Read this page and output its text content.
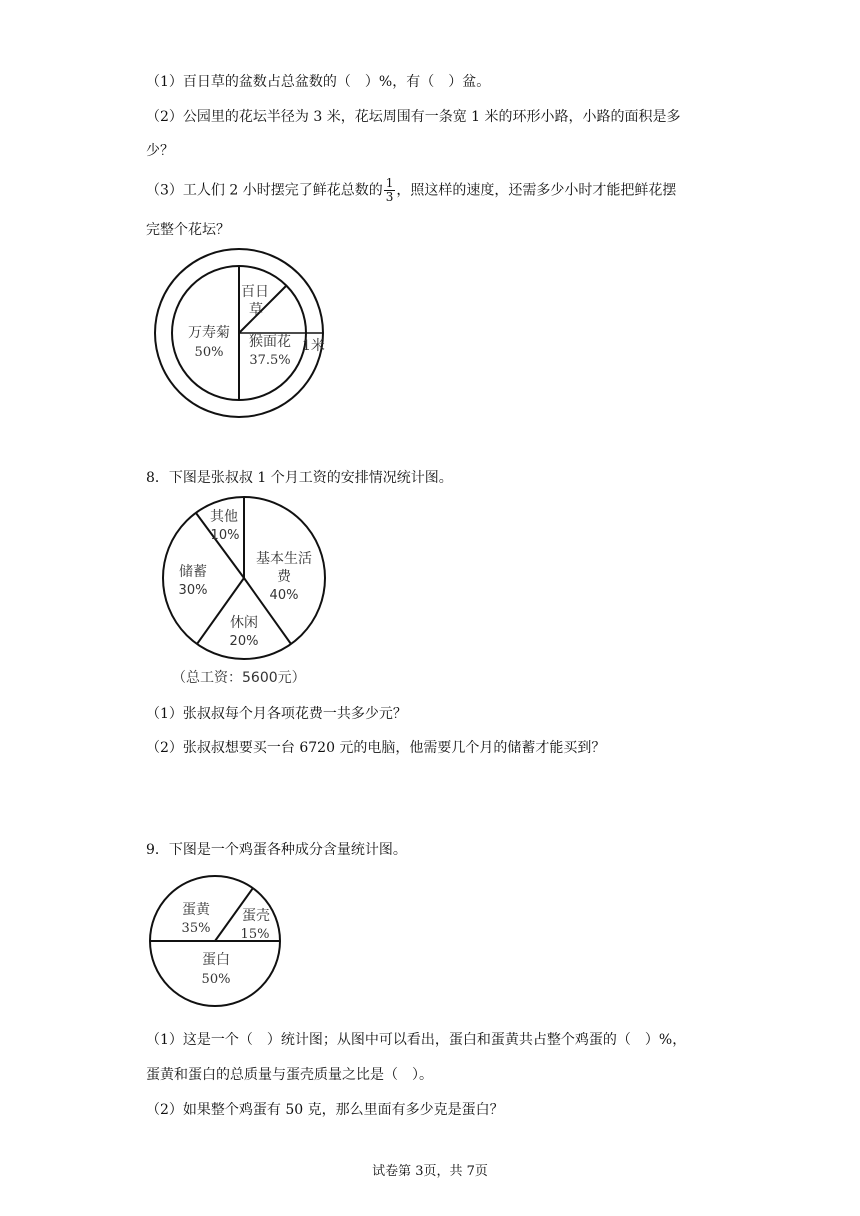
（1）百日草的盆数占总盆数的（　）%，有（　）盆。
（2）公园里的花坛半径为 3 米，花坛周围有一条宽 1 米的环形小路，小路的面积是多
少？
（3）工人们 2 小时摆完了鲜花总数的 $\frac{1}{3}$ ，照这样的速度，还需多少小时才能把鲜花摆
完整个花坛？
百日
草
万寿菊
50%
猴面花
37.5%
1米
8．下图是张叔叔 1 个月工资的安排情况统计图。
其他
10%
基本生活
费
40%
储蓄
30%
休闲
20%
（总工资：5600元）
（1）张叔叔每个月各项花费一共多少元？
（2）张叔叔想要买一台 6720 元的电脑，他需要几个月的储蓄才能买到？
9．下图是一个鸡蛋各种成分含量统计图。
蛋黄
35%
蛋壳
15%
蛋白
50%
（1）这是一个（　）统计图；从图中可以看出，蛋白和蛋黄共占整个鸡蛋的（　）%，
蛋黄和蛋白的总质量与蛋壳质量之比是（　）。
（2）如果整个鸡蛋有 50 克，那么里面有多少克是蛋白？
试卷第 3页，共 7页
